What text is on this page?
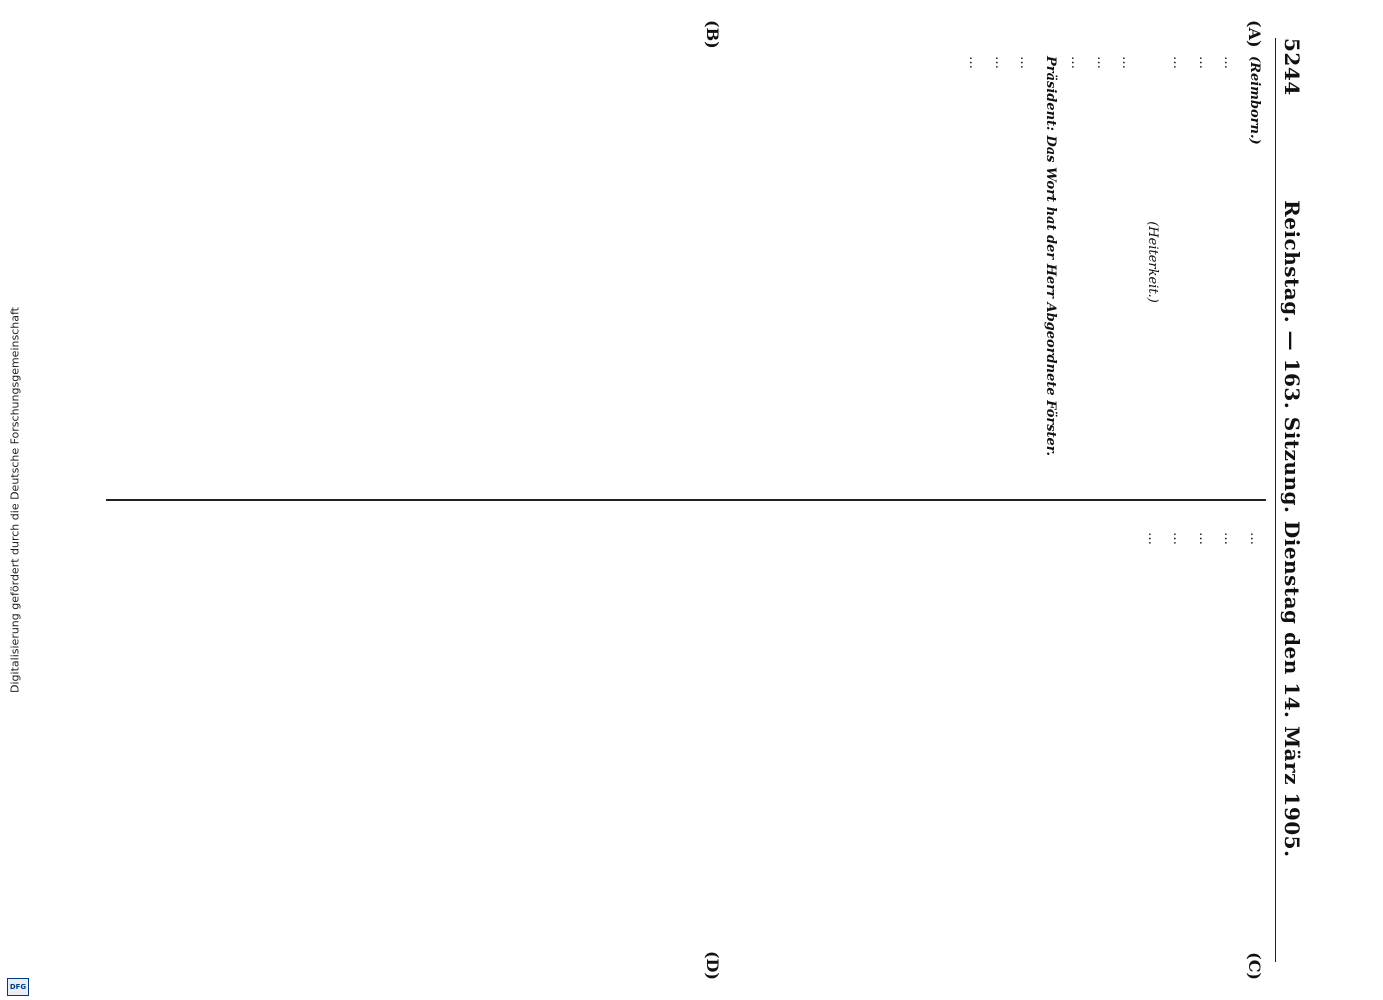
5244
Reichstag. — 163. Sitzung. Dienstag den 14. März 1905.
(A)
(B)
(C)
(D)

(Reimborn.)

…

…

…

(Heiterkeit.)

…

…

…

Präsident: Das Wort hat der Herr Abgeordnete Förster.

…

…

…

…

…

…

…

…

Digitalisierung gefördert durch die Deutsche Forschungsgemeinschaft
DFG
